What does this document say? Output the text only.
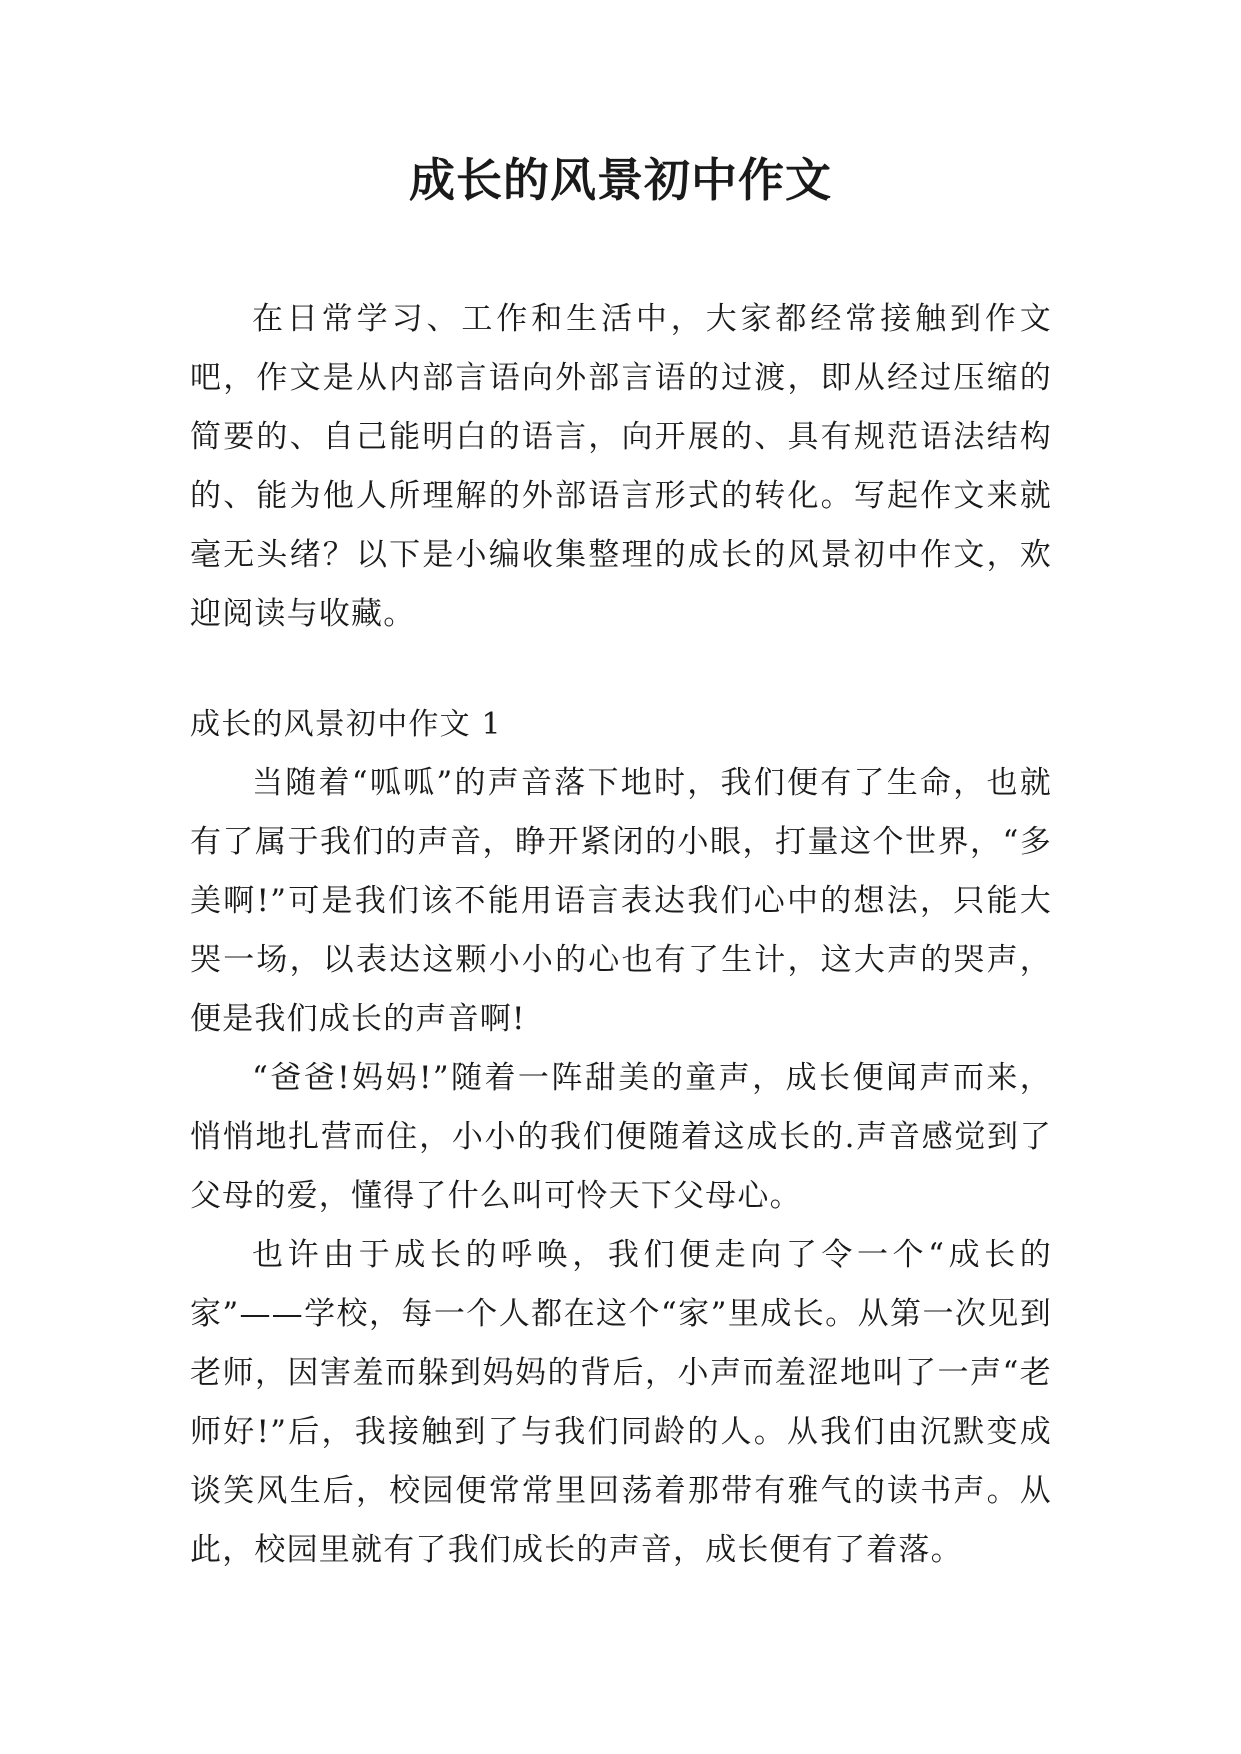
成长的风景初中作文

在日常学习、工作和生活中，大家都经常接触到作文吧，作文是从内部言语向外部言语的过渡，即从经过压缩的简要的、自己能明白的语言，向开展的、具有规范语法结构的、能为他人所理解的外部语言形式的转化。写起作文来就毫无头绪？以下是小编收集整理的成长的风景初中作文，欢迎阅读与收藏。

成长的风景初中作文 1

当随着“呱呱”的声音落下地时，我们便有了生命，也就有了属于我们的声音，睁开紧闭的小眼，打量这个世界，“多美啊!”可是我们该不能用语言表达我们心中的想法，只能大哭一场，以表达这颗小小的心也有了生计，这大声的哭声，便是我们成长的声音啊!

“爸爸!妈妈!”随着一阵甜美的童声，成长便闻声而来，悄悄地扎营而住，小小的我们便随着这成长的.声音感觉到了父母的爱，懂得了什么叫可怜天下父母心。

也许由于成长的呼唤，我们便走向了令一个“成长的家”——学校，每一个人都在这个“家”里成长。从第一次见到老师，因害羞而躲到妈妈的背后，小声而羞涩地叫了一声“老师好!”后，我接触到了与我们同龄的人。从我们由沉默变成谈笑风生后，校园便常常里回荡着那带有雅气的读书声。从此，校园里就有了我们成长的声音，成长便有了着落。
